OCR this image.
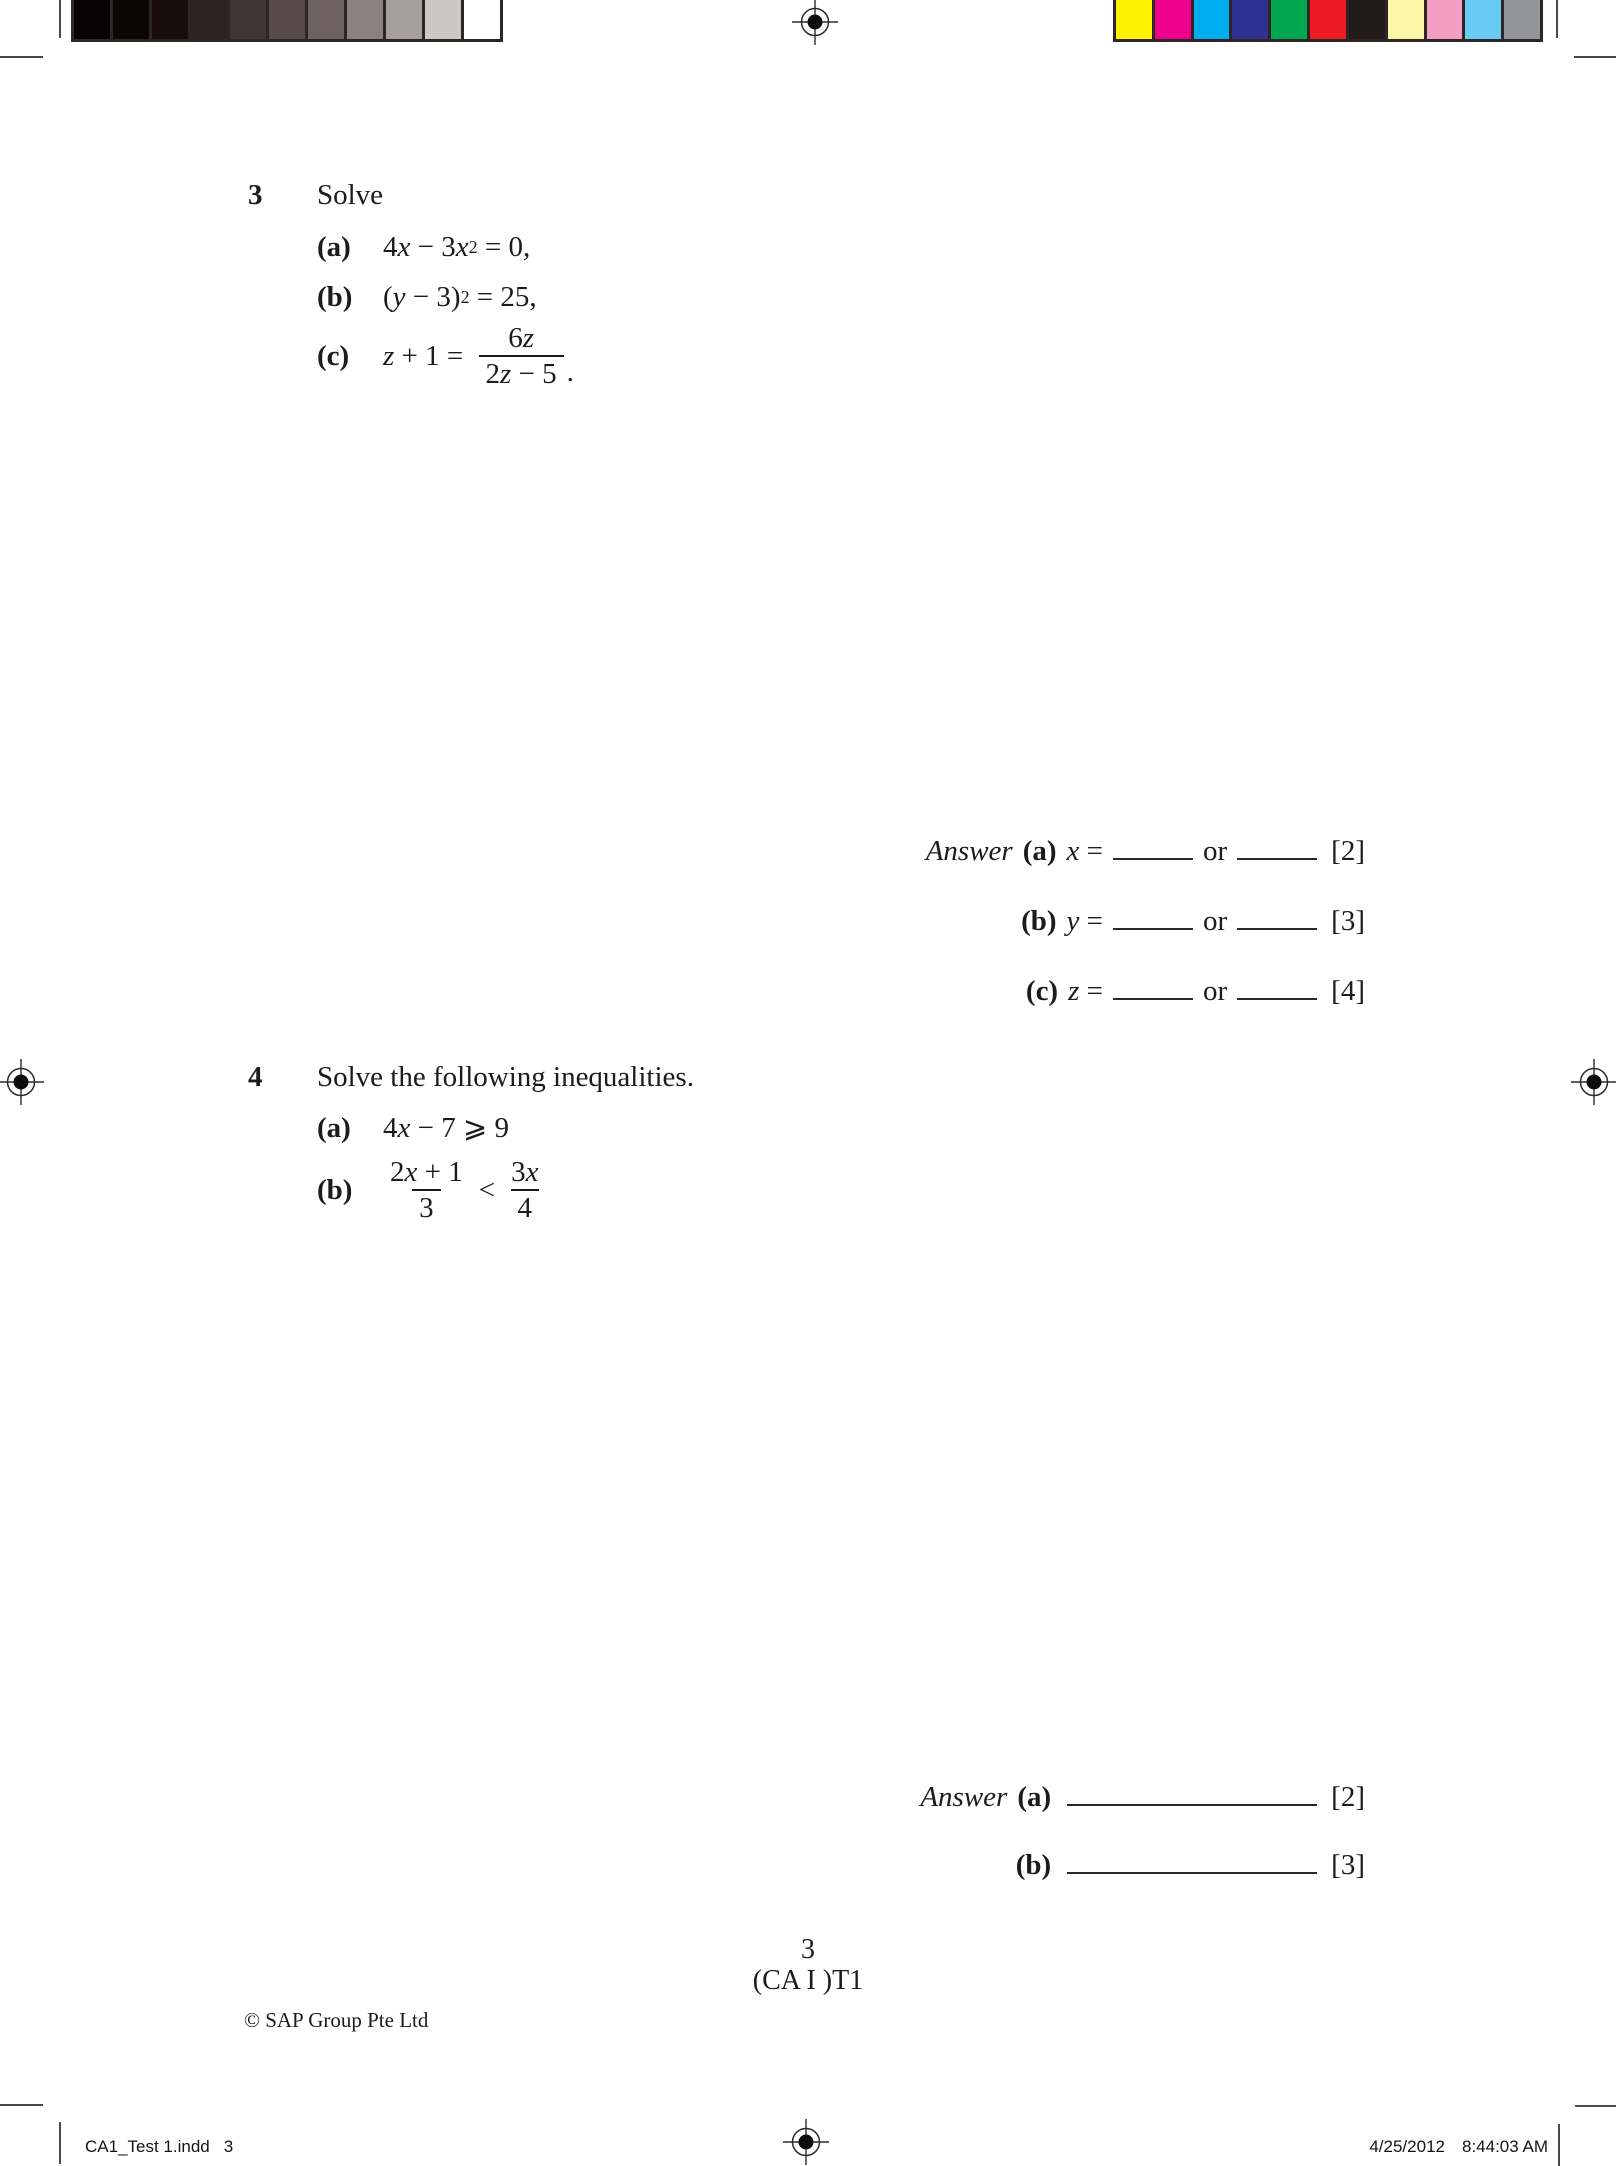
3 Solve
(a)	4 x − 3 x 2 = 0,
(b)	( y − 3) 2 = 25,
(c)	$z + 1 = \frac{6z}{2z - 5}$ .
Answer (a) x =	or	[2]
(b) y =	or	[3]
(c) z =	or	[4]
4 Solve the following inequalities.
(a)	4 x − 7 ⩾ 9
(b)	$\frac{2x + 1}{3} < \frac{3x}{4}$
Answer (a)	[2]
(b)	[3]
3
(CA I )T1
© SAP Group Pte Ltd
CA1_Test 1.indd 3	4/25/2012 8:44:03 AM
